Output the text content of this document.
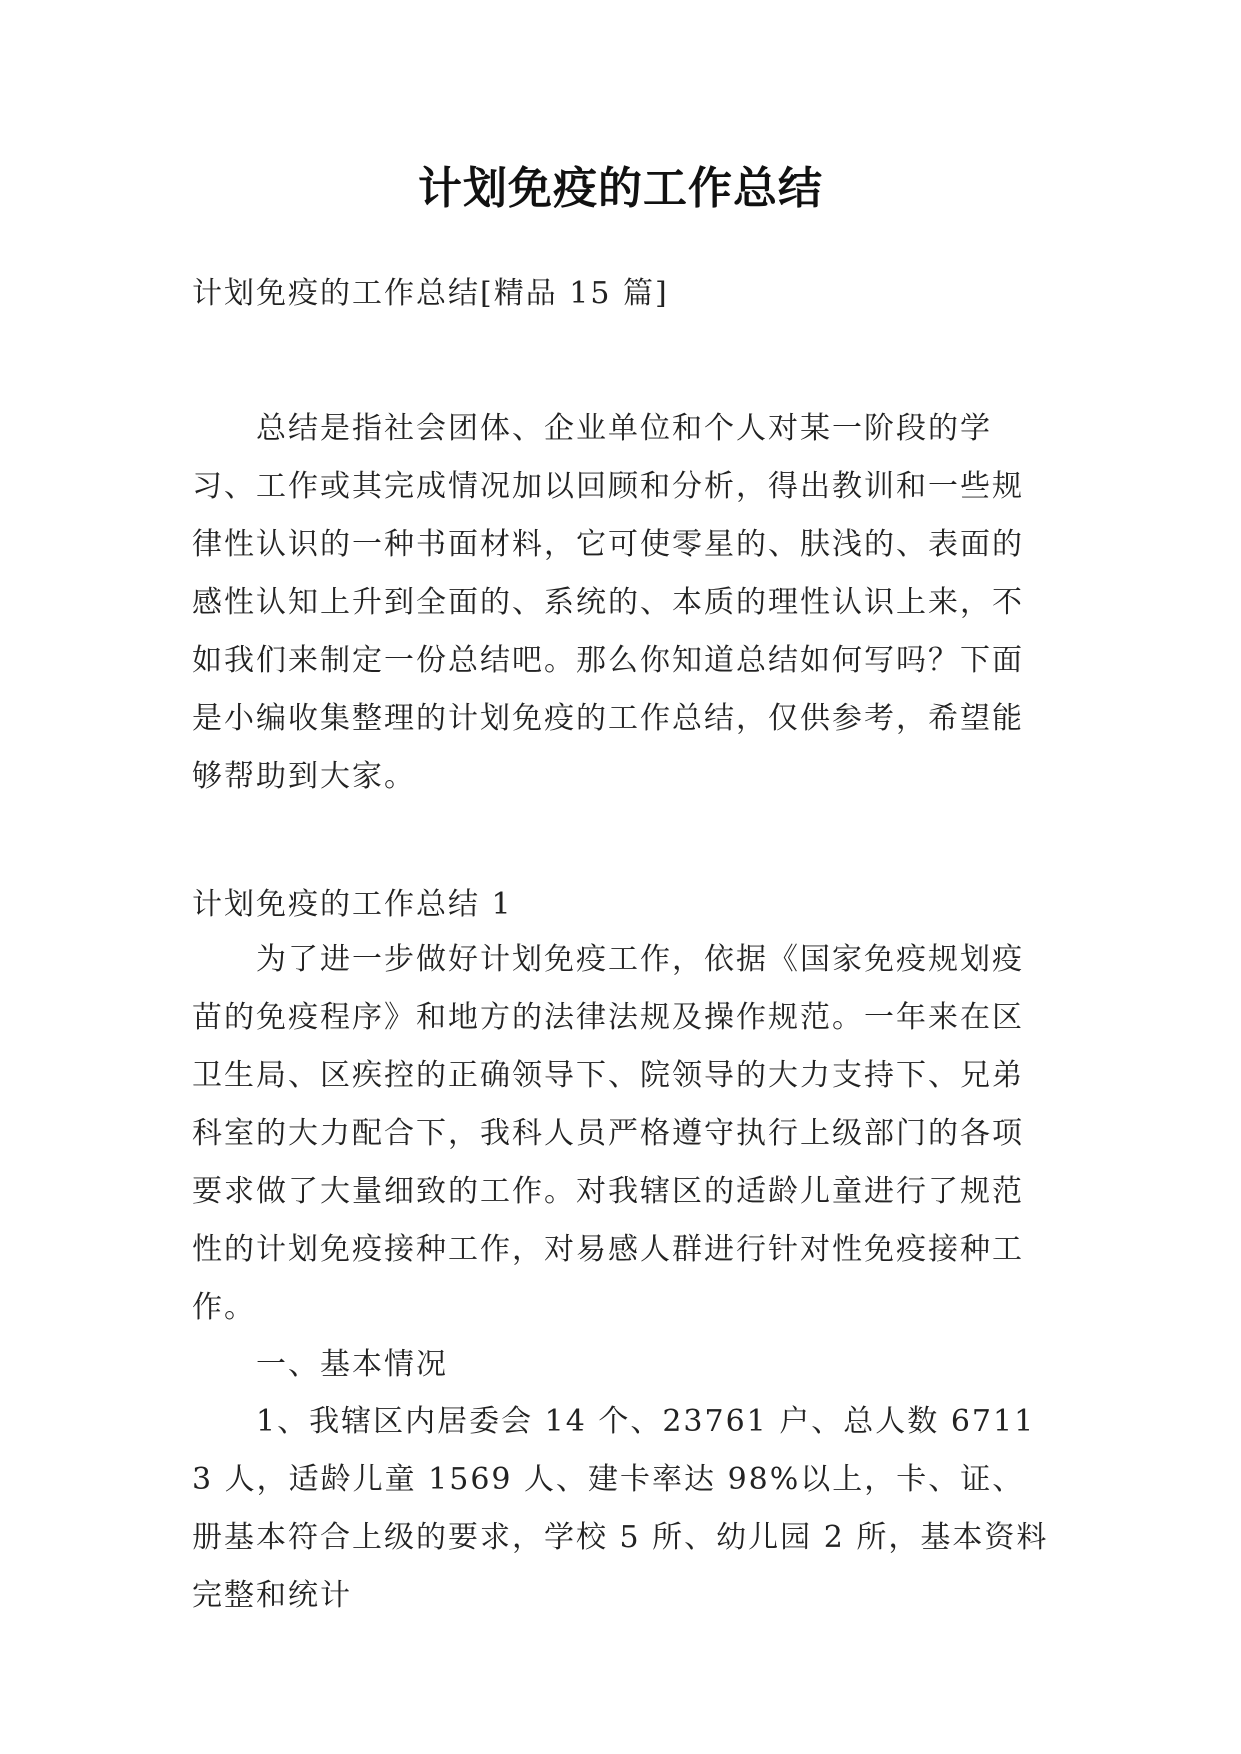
计划免疫的工作总结

计划免疫的工作总结[精品 15 篇]

总结是指社会团体、企业单位和个人对某一阶段的学习、工作或其完成情况加以回顾和分析，得出教训和一些规律性认识的一种书面材料，它可使零星的、肤浅的、表面的感性认知上升到全面的、系统的、本质的理性认识上来，不如我们来制定一份总结吧。那么你知道总结如何写吗？下面是小编收集整理的计划免疫的工作总结，仅供参考，希望能够帮助到大家。

计划免疫的工作总结 1

为了进一步做好计划免疫工作，依据《国家免疫规划疫苗的免疫程序》和地方的法律法规及操作规范。一年来在区卫生局、区疾控的正确领导下、院领导的大力支持下、兄弟科室的大力配合下，我科人员严格遵守执行上级部门的各项要求做了大量细致的工作。对我辖区的适龄儿童进行了规范性的计划免疫接种工作，对易感人群进行针对性免疫接种工作。

一、基本情况

1、我辖区内居委会 14 个、23761 户、总人数 67113 人，适龄儿童 1569 人、建卡率达 98%以上，卡、证、册基本符合上级的要求，学校 5 所、幼儿园 2 所，基本资料完整和统计
